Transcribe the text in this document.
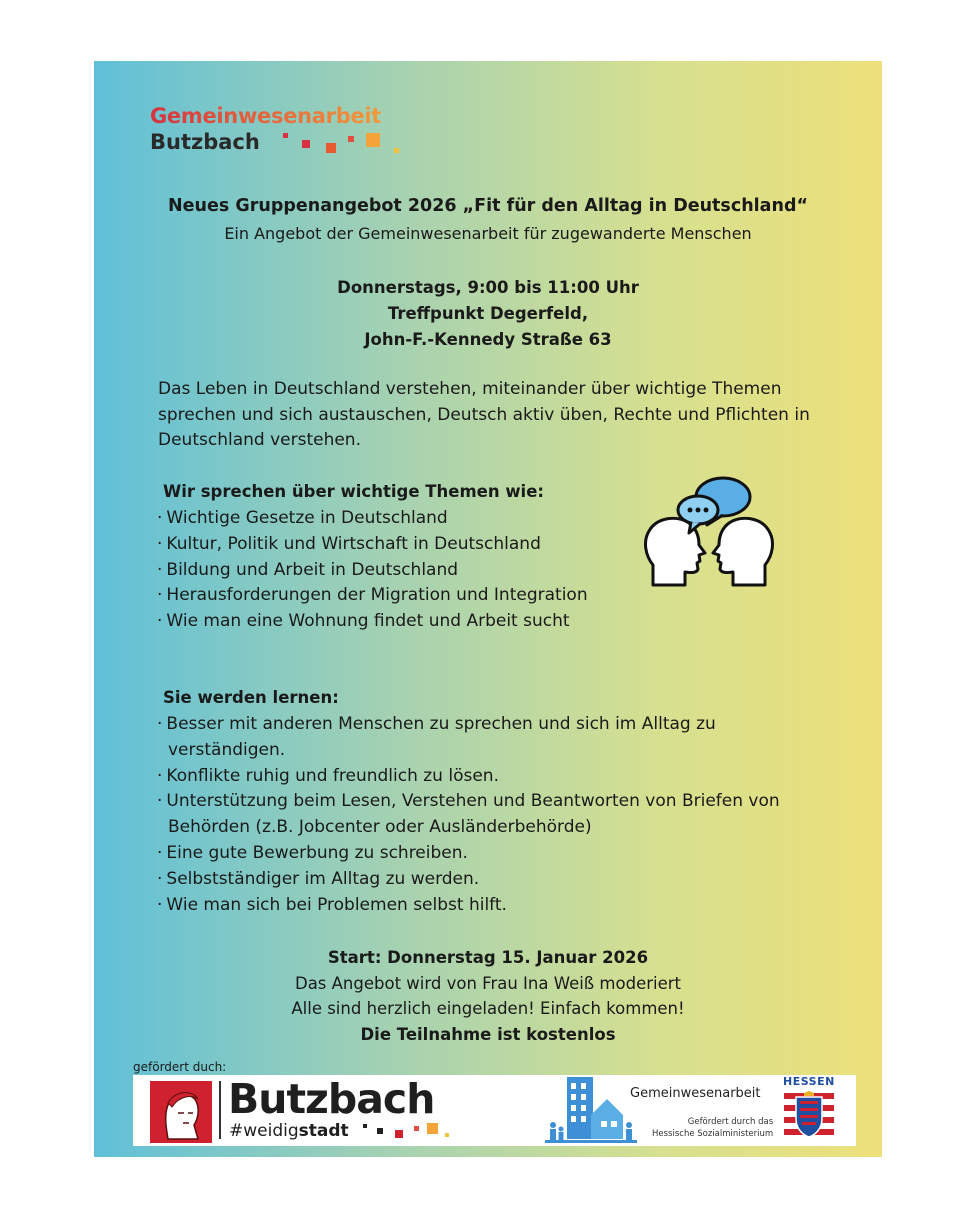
Gemeinwesenarbeit
Butzbach
Neues Gruppenangebot 2026 „Fit für den Alltag in Deutschland“
Ein Angebot der Gemeinwesenarbeit für zugewanderte Menschen
Donnerstags, 9:00 bis 11:00 Uhr
Treffpunkt Degerfeld,
John-F.-Kennedy Straße 63
Das Leben in Deutschland verstehen, miteinander über wichtige Themen sprechen und sich austauschen, Deutsch aktiv üben, Rechte und Pflichten in Deutschland verstehen.
Wir sprechen über wichtige Themen wie:
· Wichtige Gesetze in Deutschland
· Kultur, Politik und Wirtschaft in Deutschland
· Bildung und Arbeit in Deutschland
· Herausforderungen der Migration und Integration
· Wie man eine Wohnung findet und Arbeit sucht
Sie werden lernen:
· Besser mit anderen Menschen zu sprechen und sich im Alltag zu verständigen.
· Konflikte ruhig und freundlich zu lösen.
· Unterstützung beim Lesen, Verstehen und Beantworten von Briefen von Behörden (z.B. Jobcenter oder Ausländerbehörde)
· Eine gute Bewerbung zu schreiben.
· Selbstständiger im Alltag zu werden.
· Wie man sich bei Problemen selbst hilft.
Start: Donnerstag 15. Januar 2026
Das Angebot wird von Frau Ina Weiß moderiert
Alle sind herzlich eingeladen! Einfach kommen!
Die Teilnahme ist kostenlos
gefördert duch:
Butzbach
#weidigstadt
Gemeinwesenarbeit
Gefördert durch das
Hessische Sozialministerium
HESSEN
